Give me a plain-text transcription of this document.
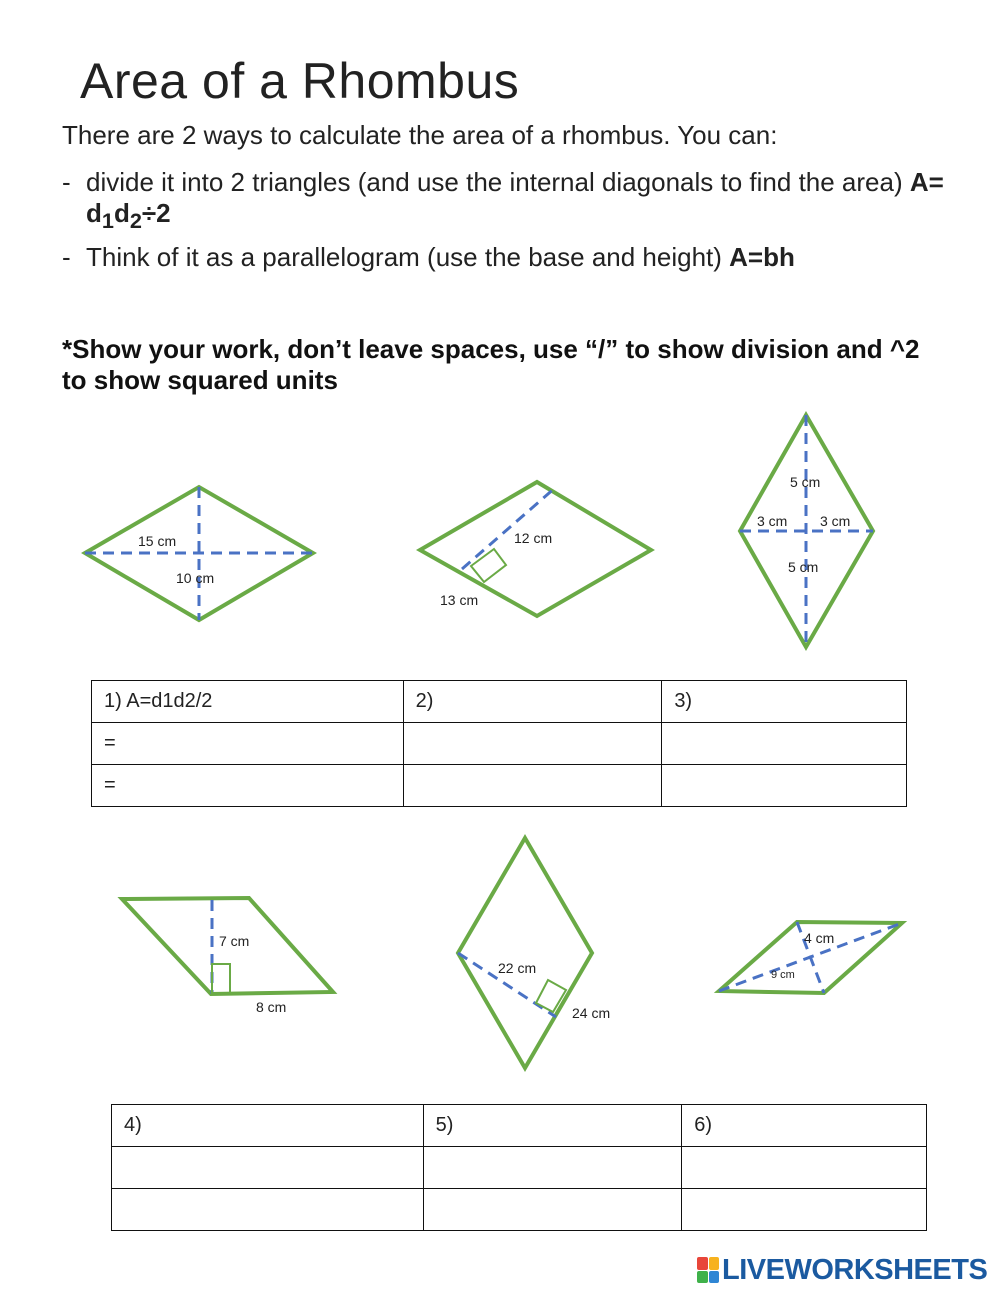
Area of a Rhombus
There are 2 ways to calculate the area of a rhombus. You can:
- divide it into 2 triangles (and use the internal diagonals to find the area) $A= d_1d_2\div 2$
- Think of it as a parallelogram (use the base and height) A=bh
*Show your work, don’t leave spaces, use “/” to show division and ^2 to show squared units
15 cm
10 cm
12 cm
13 cm
5 cm
3 cm 3 cm
5 cm
7 cm
8 cm
22 cm
24 cm
4 cm
9 cm
1) A=d1d2/2	2)	3)
=		
=		
4)	5)	6)

LIVEWORKSHEETS
